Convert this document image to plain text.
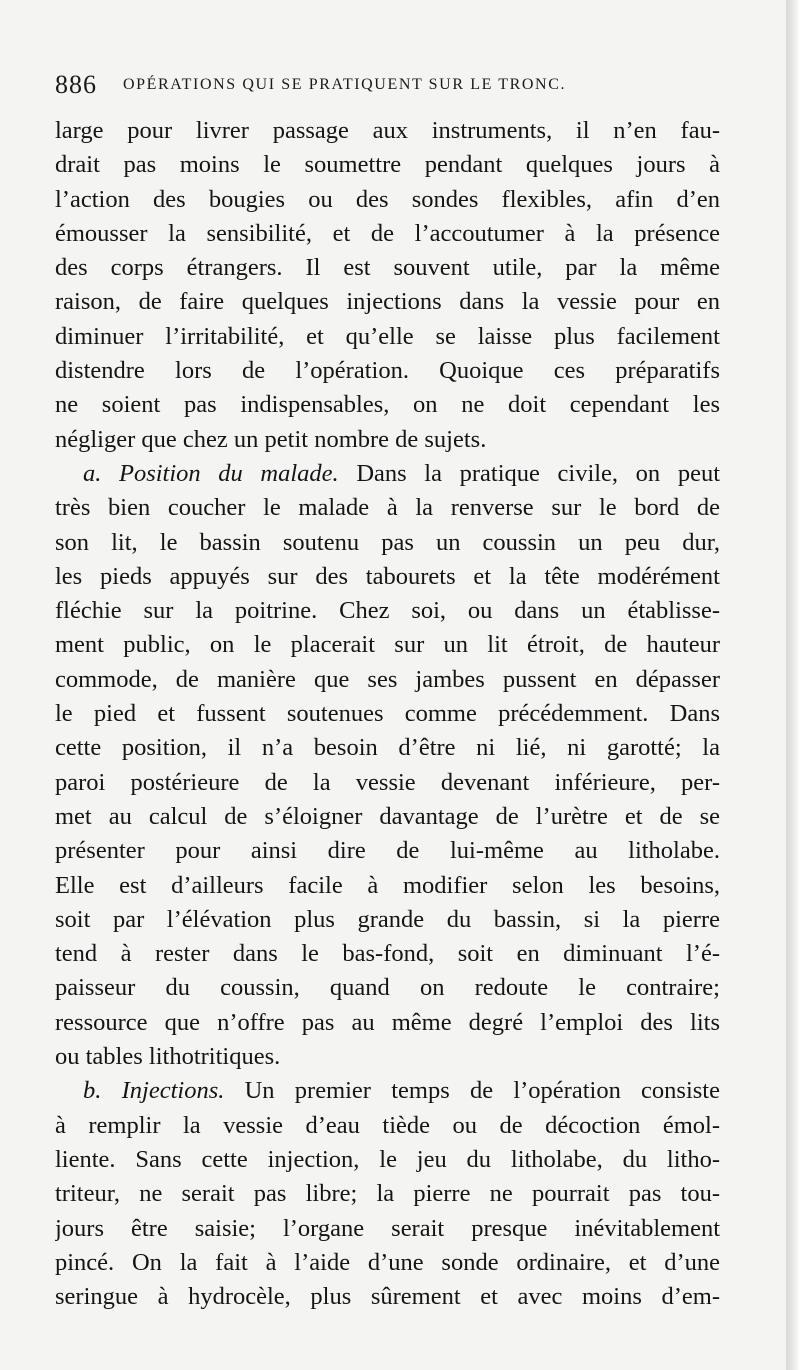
886 OPÉRATIONS QUI SE PRATIQUENT SUR LE TRONC.
large pour livrer passage aux instruments, il n’en fau-
drait pas moins le soumettre pendant quelques jours à
l’action des bougies ou des sondes flexibles, afin d’en
émousser la sensibilité, et de l’accoutumer à la présence
des corps étrangers. Il est souvent utile, par la même
raison, de faire quelques injections dans la vessie pour en
diminuer l’irritabilité, et qu’elle se laisse plus facilement
distendre lors de l’opération. Quoique ces préparatifs
ne soient pas indispensables, on ne doit cependant les
négliger que chez un petit nombre de sujets.
a. Position du malade. Dans la pratique civile, on peut
très bien coucher le malade à la renverse sur le bord de
son lit, le bassin soutenu pas un coussin un peu dur,
les pieds appuyés sur des tabourets et la tête modérément
fléchie sur la poitrine. Chez soi, ou dans un établisse-
ment public, on le placerait sur un lit étroit, de hauteur
commode, de manière que ses jambes pussent en dépasser
le pied et fussent soutenues comme précédemment. Dans
cette position, il n’a besoin d’être ni lié, ni garotté; la
paroi postérieure de la vessie devenant inférieure, per-
met au calcul de s’éloigner davantage de l’urètre et de se
présenter pour ainsi dire de lui-même au litholabe.
Elle est d’ailleurs facile à modifier selon les besoins,
soit par l’élévation plus grande du bassin, si la pierre
tend à rester dans le bas-fond, soit en diminuant l’é-
paisseur du coussin, quand on redoute le contraire;
ressource que n’offre pas au même degré l’emploi des lits
ou tables lithotritiques.
b. Injections. Un premier temps de l’opération consiste
à remplir la vessie d’eau tiède ou de décoction émol-
liente. Sans cette injection, le jeu du litholabe, du litho-
triteur, ne serait pas libre; la pierre ne pourrait pas tou-
jours être saisie; l’organe serait presque inévitablement
pincé. On la fait à l’aide d’une sonde ordinaire, et d’une
seringue à hydrocèle, plus sûrement et avec moins d’em-
